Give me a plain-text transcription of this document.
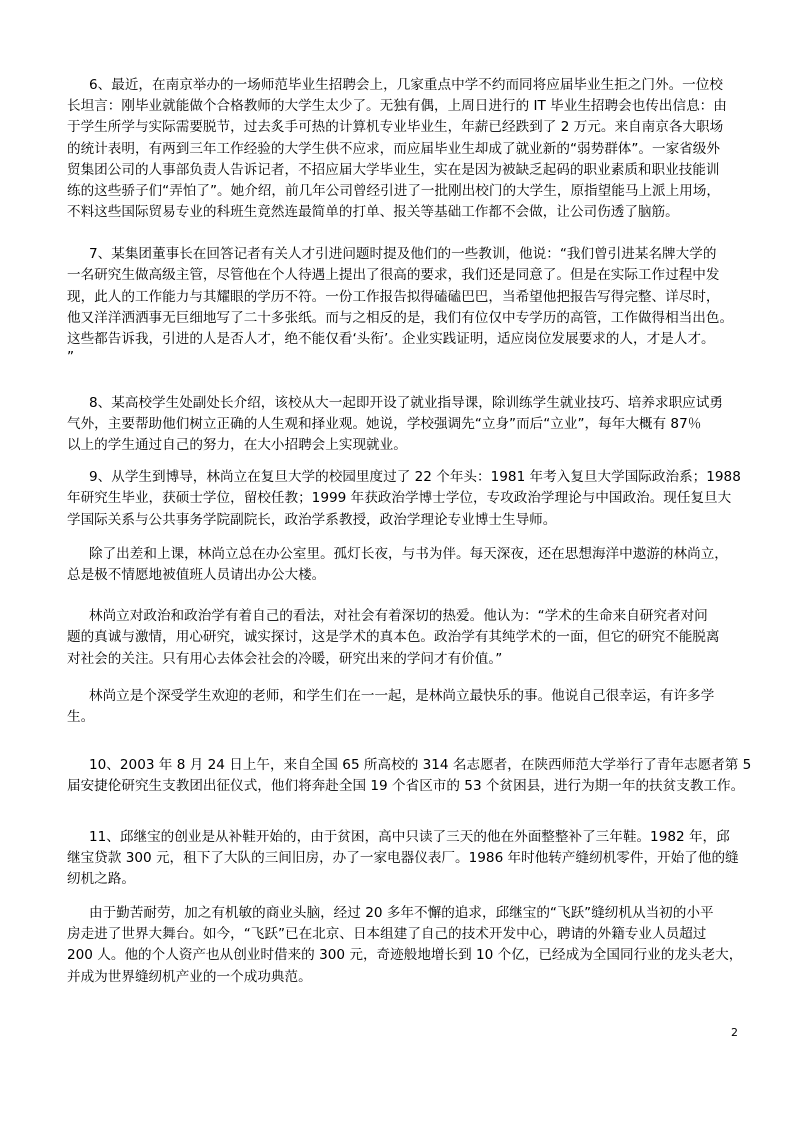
6、最近，在南京举办的一场师范毕业生招聘会上，几家重点中学不约而同将应届毕业生拒之门外。一位校
长坦言：刚毕业就能做个合格教师的大学生太少了。无独有偶，上周日进行的 IT 毕业生招聘会也传出信息：由
于学生所学与实际需要脱节，过去炙手可热的计算机专业毕业生，年薪已经跌到了 2 万元。来自南京各大职场
的统计表明，有两到三年工作经验的大学生供不应求，而应届毕业生却成了就业新的“弱势群体”。一家省级外
贸集团公司的人事部负责人告诉记者，不招应届大学毕业生，实在是因为被缺乏起码的职业素质和职业技能训
练的这些骄子们“弄怕了”。她介绍，前几年公司曾经引进了一批刚出校门的大学生，原指望能马上派上用场，
不料这些国际贸易专业的科班生竟然连最简单的打单、报关等基础工作都不会做，让公司伤透了脑筋。
7、某集团董事长在回答记者有关人才引进问题时提及他们的一些教训，他说：“我们曾引进某名牌大学的
一名研究生做高级主管，尽管他在个人待遇上提出了很高的要求，我们还是同意了。但是在实际工作过程中发
现，此人的工作能力与其耀眼的学历不符。一份工作报告拟得磕磕巴巴，当希望他把报告写得完整、详尽时，
他又洋洋洒洒事无巨细地写了二十多张纸。而与之相反的是，我们有位仅中专学历的高管，工作做得相当出色。
这些都告诉我，引进的人是否人才，绝不能仅看‘头衔’。企业实践证明，适应岗位发展要求的人，才是人才。
”
8、某高校学生处副处长介绍，该校从大一起即开设了就业指导课，除训练学生就业技巧、培养求职应试勇
气外，主要帮助他们树立正确的人生观和择业观。她说，学校强调先“立身”而后“立业”，每年大概有 87％
以上的学生通过自己的努力，在大小招聘会上实现就业。
9、从学生到博导，林尚立在复旦大学的校园里度过了 22 个年头：1981 年考入复旦大学国际政治系；1988
年研究生毕业，获硕士学位，留校任教；1999 年获政治学博士学位，专攻政治学理论与中国政治。现任复旦大
学国际关系与公共事务学院副院长，政治学系教授，政治学理论专业博士生导师。
除了出差和上课，林尚立总在办公室里。孤灯长夜，与书为伴。每天深夜，还在思想海洋中遨游的林尚立，
总是极不情愿地被值班人员请出办公大楼。
林尚立对政治和政治学有着自己的看法，对社会有着深切的热爱。他认为：“学术的生命来自研究者对问
题的真诚与激情，用心研究，诚实探讨，这是学术的真本色。政治学有其纯学术的一面，但它的研究不能脱离
对社会的关注。只有用心去体会社会的冷暖，研究出来的学问才有价值。”
林尚立是个深受学生欢迎的老师，和学生们在一一起，是林尚立最快乐的事。他说自己很幸运，有许多学
生。
10、2003 年 8 月 24 日上午，来自全国 65 所高校的 314 名志愿者，在陕西师范大学举行了青年志愿者第 5
届安捷伦研究生支教团出征仪式，他们将奔赴全国 19 个省区市的 53 个贫困县，进行为期一年的扶贫支教工作。
11、邱继宝的创业是从补鞋开始的，由于贫困，高中只读了三天的他在外面整整补了三年鞋。1982 年，邱
继宝贷款 300 元，租下了大队的三间旧房，办了一家电器仪表厂。1986 年时他转产缝纫机零件，开始了他的缝
纫机之路。
由于勤苦耐劳，加之有机敏的商业头脑，经过 20 多年不懈的追求，邱继宝的“飞跃”缝纫机从当初的小平
房走进了世界大舞台。如今，“飞跃”已在北京、日本组建了自己的技术开发中心，聘请的外籍专业人员超过
200 人。他的个人资产也从创业时借来的 300 元，奇迹般地增长到 10 个亿，已经成为全国同行业的龙头老大，
并成为世界缝纫机产业的一个成功典范。
2
